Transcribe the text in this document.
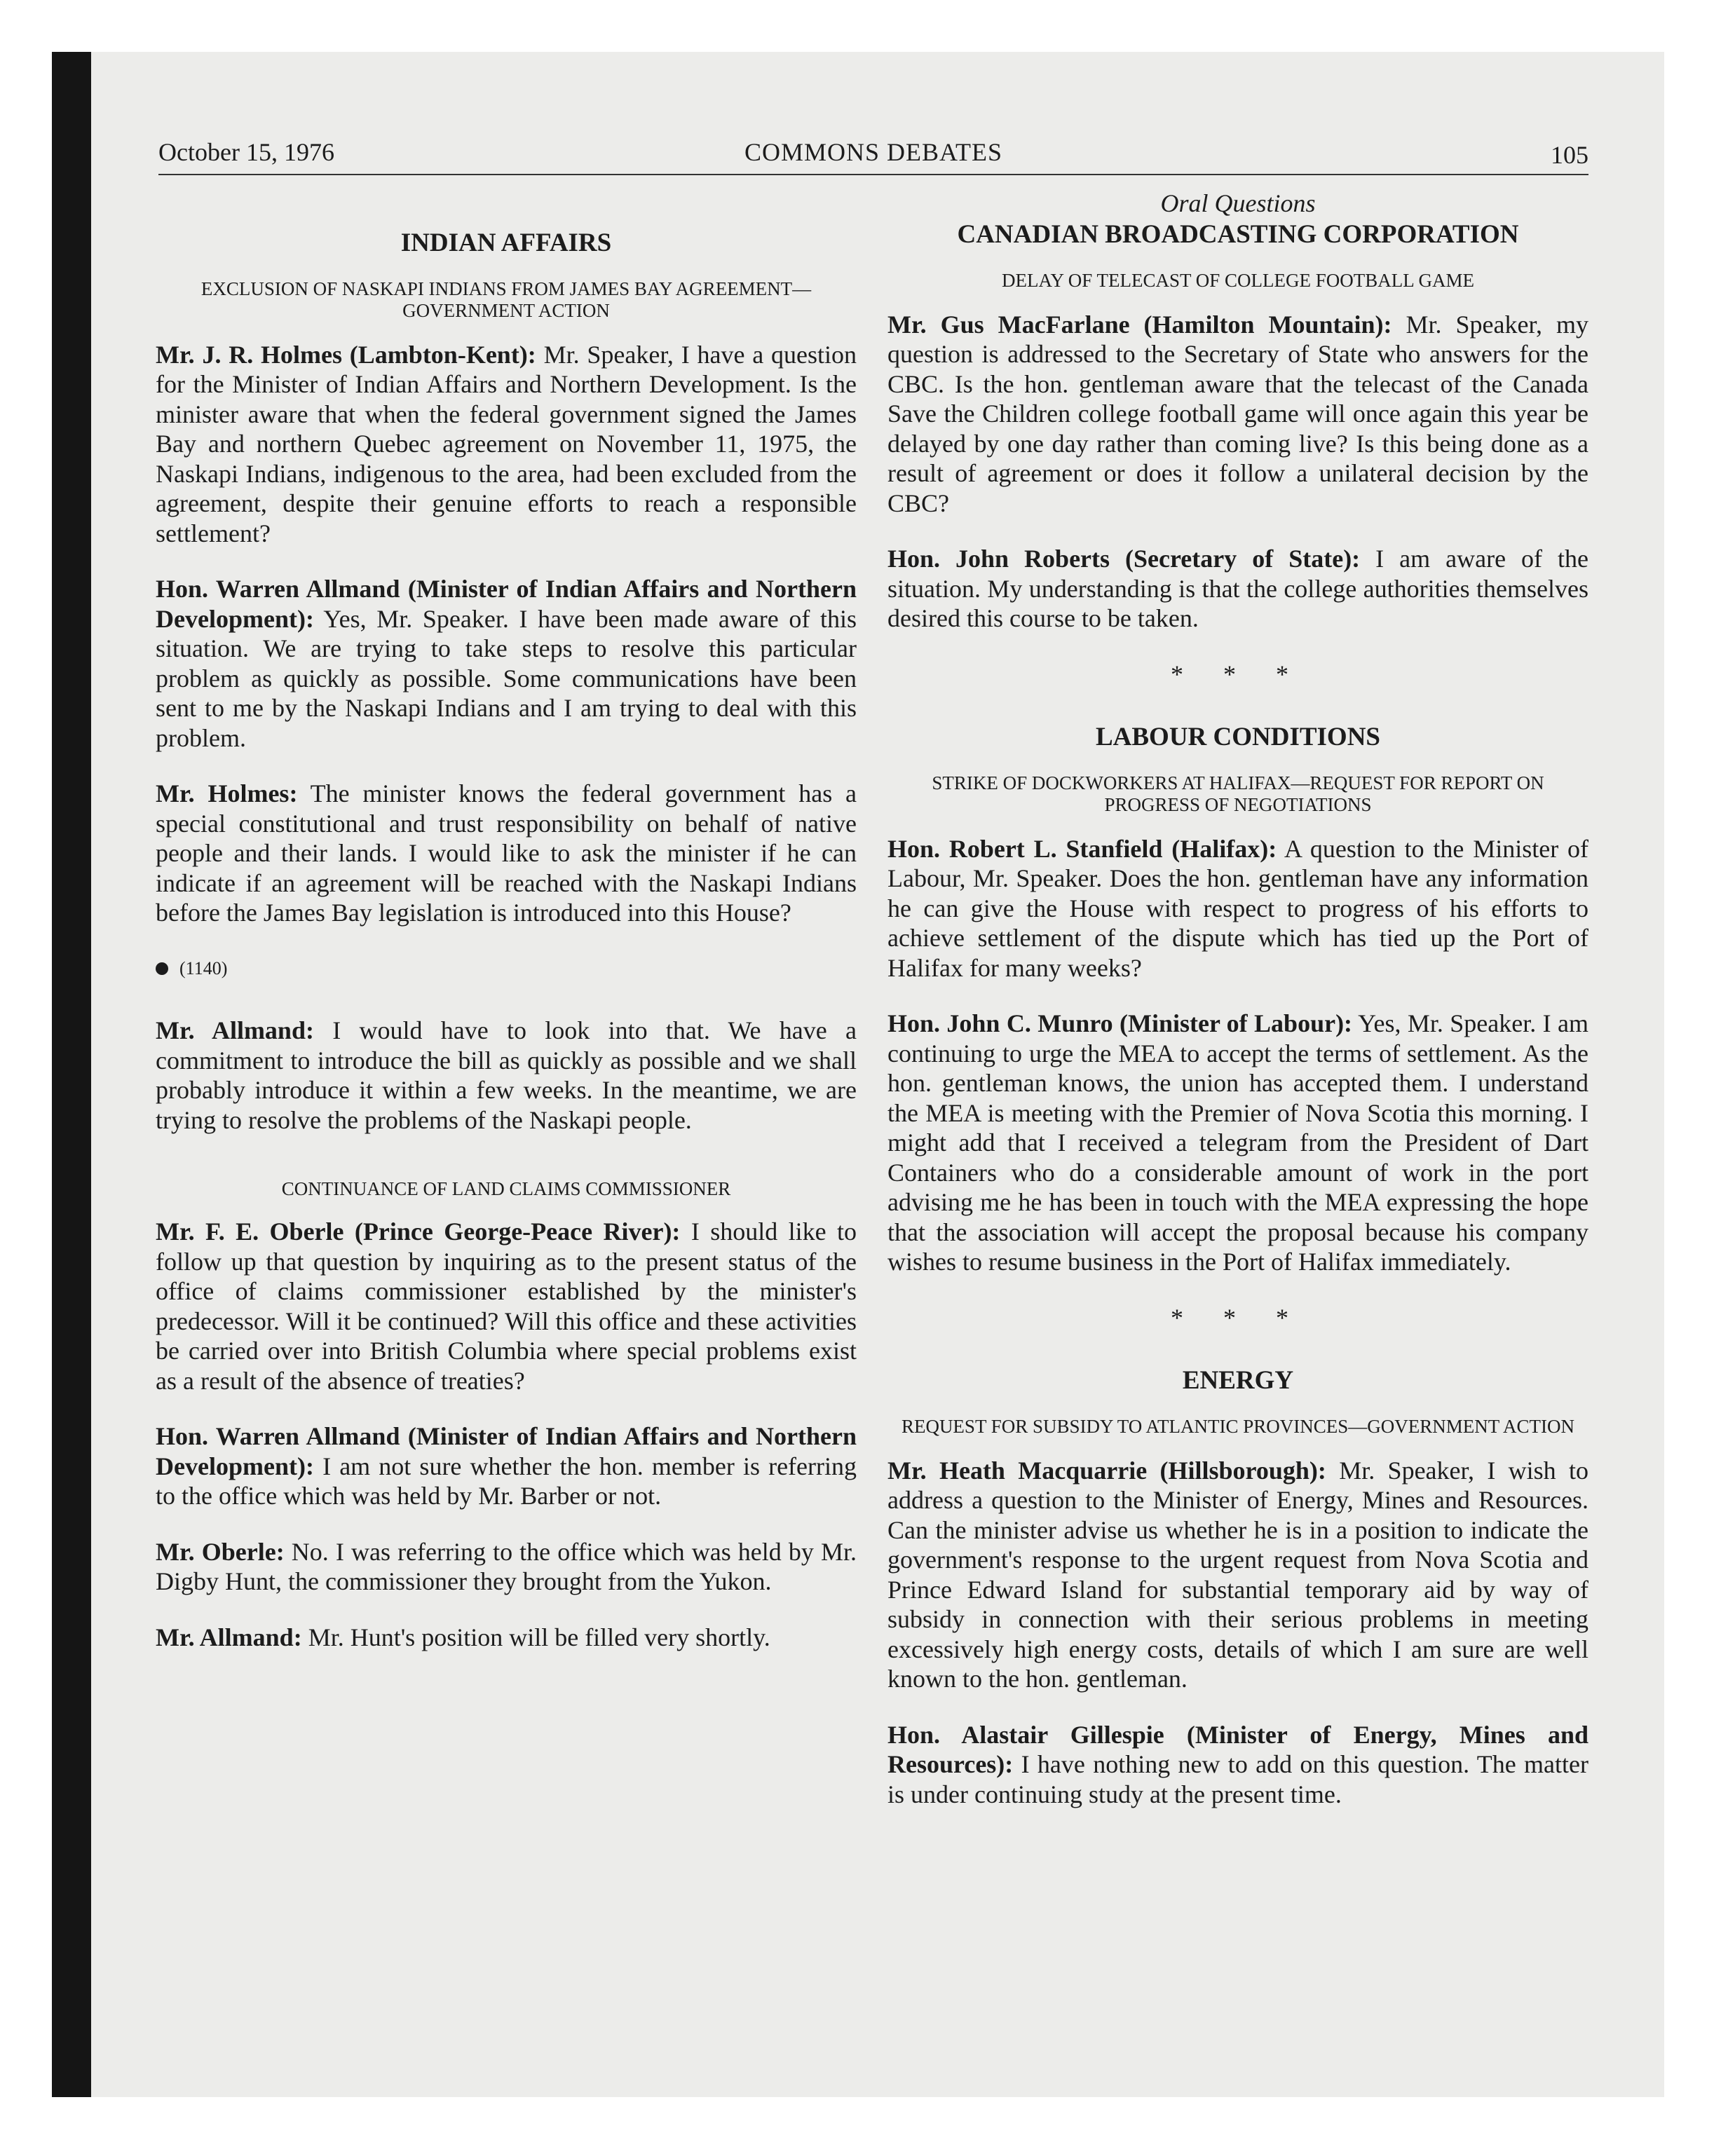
October 15, 1976	COMMONS DEBATES	105
INDIAN AFFAIRS
EXCLUSION OF NASKAPI INDIANS FROM JAMES BAY AGREEMENT—GOVERNMENT ACTION

Mr. J. R. Holmes (Lambton-Kent): Mr. Speaker, I have a question for the Minister of Indian Affairs and Northern Development. Is the minister aware that when the federal government signed the James Bay and northern Quebec agreement on November 11, 1975, the Naskapi Indians, indigenous to the area, had been excluded from the agreement, despite their genuine efforts to reach a responsible settlement?

Hon. Warren Allmand (Minister of Indian Affairs and Northern Development): Yes, Mr. Speaker. I have been made aware of this situation. We are trying to take steps to resolve this particular problem as quickly as possible. Some communications have been sent to me by the Naskapi Indians and I am trying to deal with this problem.

Mr. Holmes: The minister knows the federal government has a special constitutional and trust responsibility on behalf of native people and their lands. I would like to ask the minister if he can indicate if an agreement will be reached with the Naskapi Indians before the James Bay legislation is introduced into this House?

(1140)

Mr. Allmand: I would have to look into that. We have a commitment to introduce the bill as quickly as possible and we shall probably introduce it within a few weeks. In the meantime, we are trying to resolve the problems of the Naskapi people.

CONTINUANCE OF LAND CLAIMS COMMISSIONER

Mr. F. E. Oberle (Prince George-Peace River): I should like to follow up that question by inquiring as to the present status of the office of claims commissioner established by the minister's predecessor. Will it be continued? Will this office and these activities be carried over into British Columbia where special problems exist as a result of the absence of treaties?

Hon. Warren Allmand (Minister of Indian Affairs and Northern Development): I am not sure whether the hon. member is referring to the office which was held by Mr. Barber or not.

Mr. Oberle: No. I was referring to the office which was held by Mr. Digby Hunt, the commissioner they brought from the Yukon.

Mr. Allmand: Mr. Hunt's position will be filled very shortly.

Oral Questions
CANADIAN BROADCASTING CORPORATION
DELAY OF TELECAST OF COLLEGE FOOTBALL GAME

Mr. Gus MacFarlane (Hamilton Mountain): Mr. Speaker, my question is addressed to the Secretary of State who answers for the CBC. Is the hon. gentleman aware that the telecast of the Canada Save the Children college football game will once again this year be delayed by one day rather than coming live? Is this being done as a result of agreement or does it follow a unilateral decision by the CBC?

Hon. John Roberts (Secretary of State): I am aware of the situation. My understanding is that the college authorities themselves desired this course to be taken.

* * *
LABOUR CONDITIONS
STRIKE OF DOCKWORKERS AT HALIFAX—REQUEST FOR REPORT ON PROGRESS OF NEGOTIATIONS

Hon. Robert L. Stanfield (Halifax): A question to the Minister of Labour, Mr. Speaker. Does the hon. gentleman have any information he can give the House with respect to progress of his efforts to achieve settlement of the dispute which has tied up the Port of Halifax for many weeks?

Hon. John C. Munro (Minister of Labour): Yes, Mr. Speaker. I am continuing to urge the MEA to accept the terms of settlement. As the hon. gentleman knows, the union has accepted them. I understand the MEA is meeting with the Premier of Nova Scotia this morning. I might add that I received a telegram from the President of Dart Containers who do a considerable amount of work in the port advising me he has been in touch with the MEA expressing the hope that the association will accept the proposal because his company wishes to resume business in the Port of Halifax immediately.

* * *
ENERGY
REQUEST FOR SUBSIDY TO ATLANTIC PROVINCES—GOVERNMENT ACTION

Mr. Heath Macquarrie (Hillsborough): Mr. Speaker, I wish to address a question to the Minister of Energy, Mines and Resources. Can the minister advise us whether he is in a position to indicate the government's response to the urgent request from Nova Scotia and Prince Edward Island for substantial temporary aid by way of subsidy in connection with their serious problems in meeting excessively high energy costs, details of which I am sure are well known to the hon. gentleman.

Hon. Alastair Gillespie (Minister of Energy, Mines and Resources): I have nothing new to add on this question. The matter is under continuing study at the present time.
